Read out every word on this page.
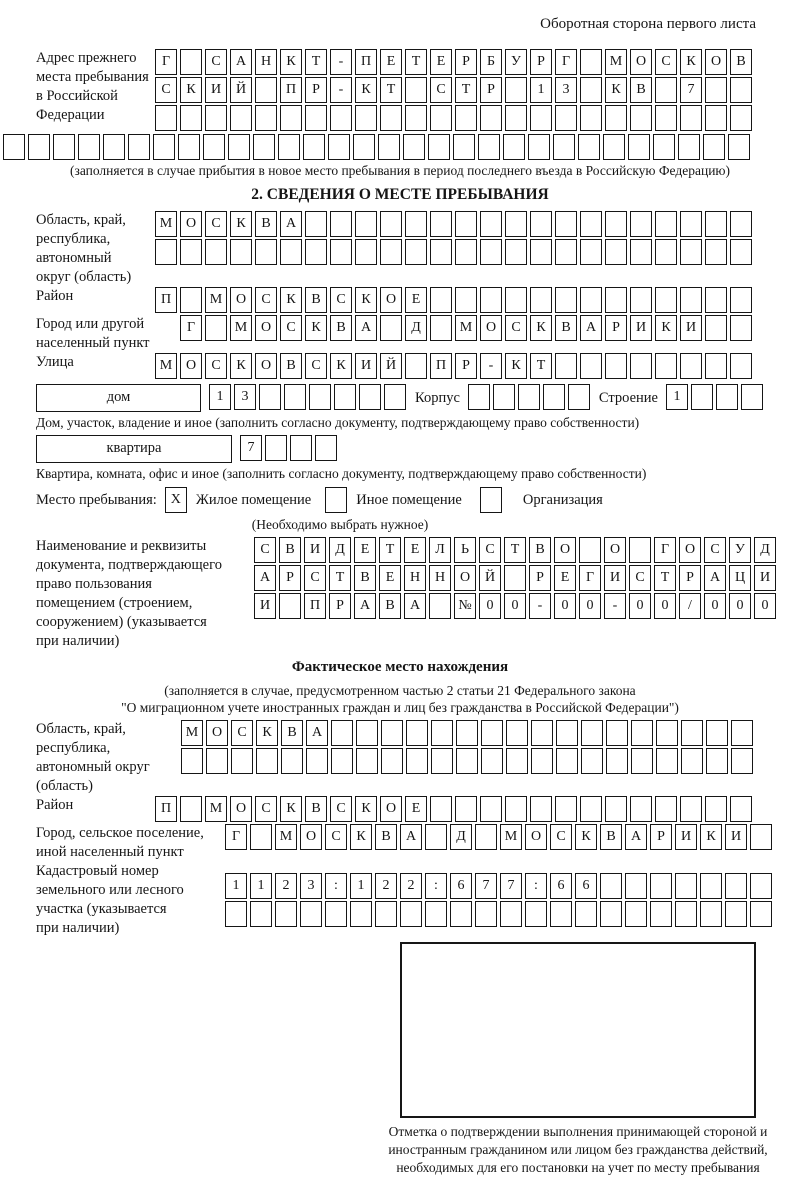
Оборотная сторона первого листа
Адрес прежнего
места пребывания
в Российской
Федерации
Г	С	А	Н	К	Т	-	П	Е	Т	Е	Р	Б	У	Р	Г	М О	С	К	О	В
С	К	И	Й	П	Р	-	К	Т	С	Т	Р	1	3	К	В	7
(заполняется в случае прибытия в новое место пребывания в период последнего въезда в Российскую Федерацию)
2. СВЕДЕНИЯ О МЕСТЕ ПРЕБЫВАНИЯ
Область, край,
республика,
автономный
округ (область)
М О	С	К	В	А
Район	П	М О	С	К	В	С	К	О	Е
Город или другой
населенный пункт
Г	М О	С	К	В	А	Д	М О	С	К	В	А	Р	И	К	И
Улица	М О	С	К	О	В	С	К	И	Й	П	Р	-	К	Т
дом	1	3	Корпус	Строение	1
Дом, участок, владение и иное (заполнить согласно документу, подтверждающему право собственности)
квартира	7
Квартира, комната, офис и иное (заполнить согласно документу, подтверждающему право собственности)
Место пребывания: X	Жилое помещение	Иное помещение	Организация
(Необходимо выбрать нужное)
Наименование и реквизиты
документа, подтверждающего
право пользования
помещением (строением,
сооружением) (указывается
при наличии)
С	В	И	Д	Е	Т	Е	Л	Ь	С	Т	В	О	О	Г	О	С	У	Д
А	Р	С	Т	В	Е	Н	Н	О	Й	Р	Е	Г	И	С	Т	Р	А	Ц	И
И	П	Р	А	В	А	№	0	0	-	0	0	-	0	0	/	0	0	0
Фактическое место нахождения
(заполняется в случае, предусмотренном частью 2 статьи 21 Федерального закона
"О миграционном учете иностранных граждан и лиц без гражданства в Российской Федерации")
Область, край,
республика,
автономный округ
(область)
М О	С	К	В	А
Район	П	М О	С	К	В	С	К	О	Е
Город, сельское поселение,
иной населенный пункт
Г	М О	С	К	В	А	Д	М О	С	К	В	А	Р	И	К	И
Кадастровый номер
земельного или лесного
участка (указывается
при наличии)
1	1	2	3	:	1	2	2	:	6	7	7	:	6	6
Отметка о подтверждении выполнения принимающей стороной и иностранным гражданином или лицом без гражданства действий, необходимых для его постановки на учет по месту пребывания
